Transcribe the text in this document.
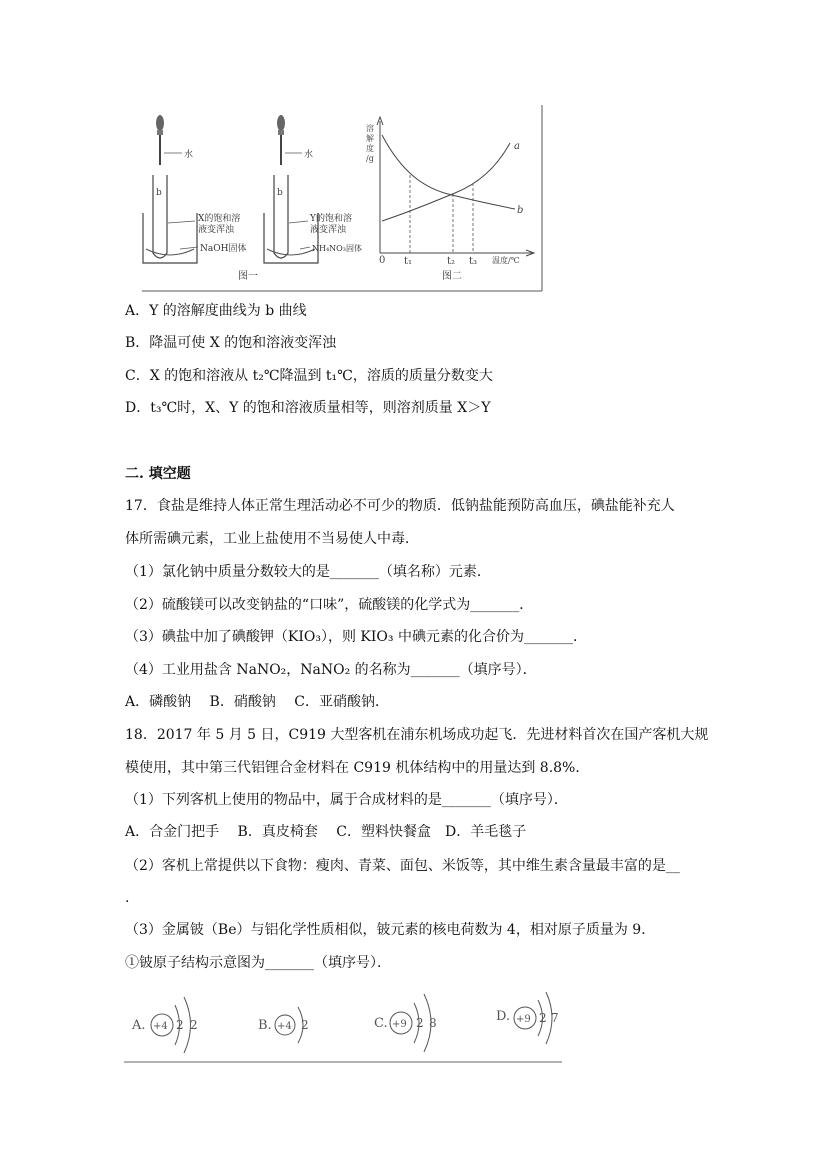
水
b
X的饱和溶
液变浑浊
NaOH固体
图一
水
b
Y的饱和溶
液变浑浊
NH₄NO₃固体
溶
解
度
/g
a
b
0 t₁	t₂ t₃ 温度/℃
图二
A．Y 的溶解度曲线为 b 曲线
B．降温可使 X 的饱和溶液变浑浊
C．X 的饱和溶液从 t₂℃降温到 t₁℃，溶质的质量分数变大
D．t₃℃时，X、Y 的饱和溶液质量相等，则溶剂质量 X＞Y
二. 填空题
17．食盐是维持人体正常生理活动必不可少的物质．低钠盐能预防高血压，碘盐能补充人
体所需碘元素，工业上盐使用不当易使人中毒．
（1）氯化钠中质量分数较大的是_______（填名称）元素．
（2）硫酸镁可以改变钠盐的“口味”，硫酸镁的化学式为_______．
（3）碘盐中加了碘酸钾（KIO₃），则 KIO₃ 中碘元素的化合价为_______．
（4）工业用盐含 NaNO₂，NaNO₂ 的名称为_______（填序号）．
A．磷酸钠　 B．硝酸钠　 C．亚硝酸钠．
18．2017 年 5 月 5 日，C919 大型客机在浦东机场成功起飞．先进材料首次在国产客机大规
模使用，其中第三代铝锂合金材料在 C919 机体结构中的用量达到 8.8%．
（1）下列客机上使用的物品中，属于合成材料的是_______（填序号）．
A．合金门把手　 B．真皮椅套　 C．塑料快餐盒　D．羊毛毯子
（2）客机上常提供以下食物：瘦肉、青菜、面包、米饭等，其中维生素含量最丰富的是__
.
（3）金属铍（Be）与铝化学性质相似，铍元素的核电荷数为 4，相对原子质量为 9．
①铍原子结构示意图为_______（填序号）．
A. +4 2 2	B. +4 2	C. +9 2 8	D. +9 2 7
